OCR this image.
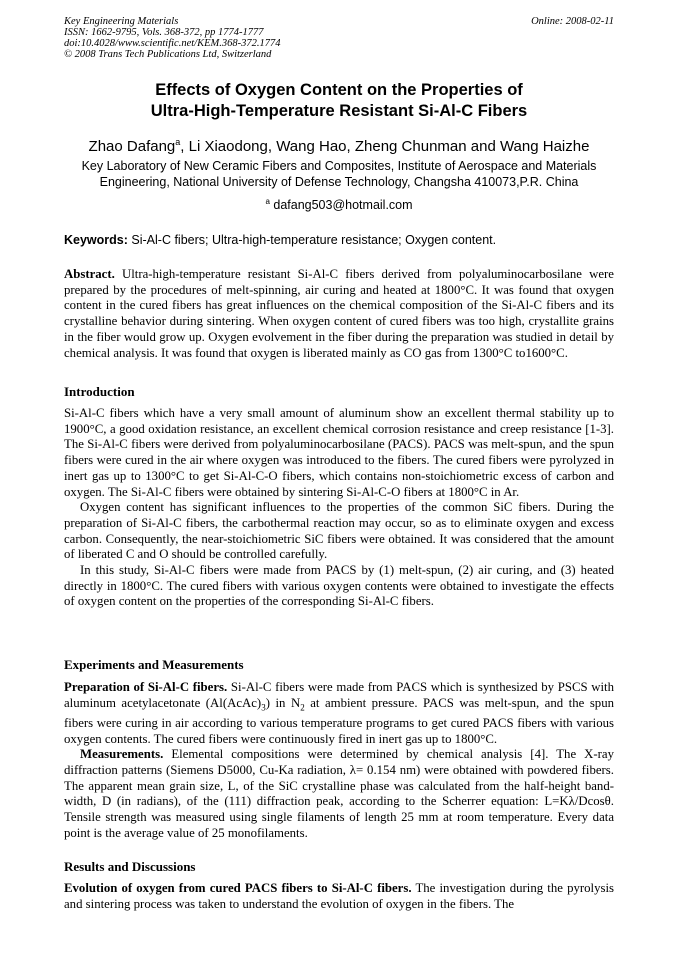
Key Engineering Materials
ISSN: 1662-9795, Vols. 368-372, pp 1774-1777
doi:10.4028/www.scientific.net/KEM.368-372.1774
© 2008 Trans Tech Publications Ltd, Switzerland
Online: 2008-02-11
Effects of Oxygen Content on the Properties of
Ultra-High-Temperature Resistant Si-Al-C Fibers
Zhao Dafang$^a$, Li Xiaodong, Wang Hao, Zheng Chunman and Wang Haizhe
Key Laboratory of New Ceramic Fibers and Composites, Institute of Aerospace and Materials
Engineering, National University of Defense Technology, Changsha 410073,P.R. China
$^a$ dafang503@hotmail.com
Keywords: Si-Al-C fibers; Ultra-high-temperature resistance; Oxygen content.

Abstract. Ultra-high-temperature resistant Si-Al-C fibers derived from polyaluminocarbosilane were prepared by the procedures of melt-spinning, air curing and heated at 1800°C. It was found that oxygen content in the cured fibers has great influences on the chemical composition of the Si-Al-C fibers and its crystalline behavior during sintering. When oxygen content of cured fibers was too high, crystallite grains in the fiber would grow up. Oxygen evolvement in the fiber during the preparation was studied in detail by chemical analysis. It was found that oxygen is liberated mainly as CO gas from 1300°C to1600°C.

Introduction

Si-Al-C fibers which have a very small amount of aluminum show an excellent thermal stability up to 1900°C, a good oxidation resistance, an excellent chemical corrosion resistance and creep resistance [1-3]. The Si-Al-C fibers were derived from polyaluminocarbosilane (PACS). PACS was melt-spun, and the spun fibers were cured in the air where oxygen was introduced to the fibers. The cured fibers were pyrolyzed in inert gas up to 1300°C to get Si-Al-C-O fibers, which contains non-stoichiometric excess of carbon and oxygen. The Si-Al-C fibers were obtained by sintering Si-Al-C-O fibers at 1800°C in Ar.

Oxygen content has significant influences to the properties of the common SiC fibers. During the preparation of Si-Al-C fibers, the carbothermal reaction may occur, so as to eliminate oxygen and excess carbon. Consequently, the near-stoichiometric SiC fibers were obtained. It was considered that the amount of liberated C and O should be controlled carefully.

In this study, Si-Al-C fibers were made from PACS by (1) melt-spun, (2) air curing, and (3) heated directly in 1800°C. The cured fibers with various oxygen contents were obtained to investigate the effects of oxygen content on the properties of the corresponding Si-Al-C fibers.

Experiments and Measurements

Preparation of Si-Al-C fibers. Si-Al-C fibers were made from PACS which is synthesized by PSCS with aluminum acetylacetonate $(Al(AcAc)_3)$ in $N_2$ at ambient pressure. PACS was melt-spun, and the spun fibers were curing in air according to various temperature programs to get cured PACS fibers with various oxygen contents. The cured fibers were continuously fired in inert gas up to 1800°C.

Measurements. Elemental compositions were determined by chemical analysis [4]. The X-ray diffraction patterns (Siemens D5000, Cu-Ka radiation, λ= 0.154 nm) were obtained with powdered fibers. The apparent mean grain size, L, of the SiC crystalline phase was calculated from the half-height band-width, D (in radians), of the (111) diffraction peak, according to the Scherrer equation: L=Kλ/Dcosθ. Tensile strength was measured using single filaments of length 25 mm at room temperature. Every data point is the average value of 25 monofilaments.

Results and Discussions

Evolution of oxygen from cured PACS fibers to Si-Al-C fibers. The investigation during the pyrolysis and sintering process was taken to understand the evolution of oxygen in the fibers. The
